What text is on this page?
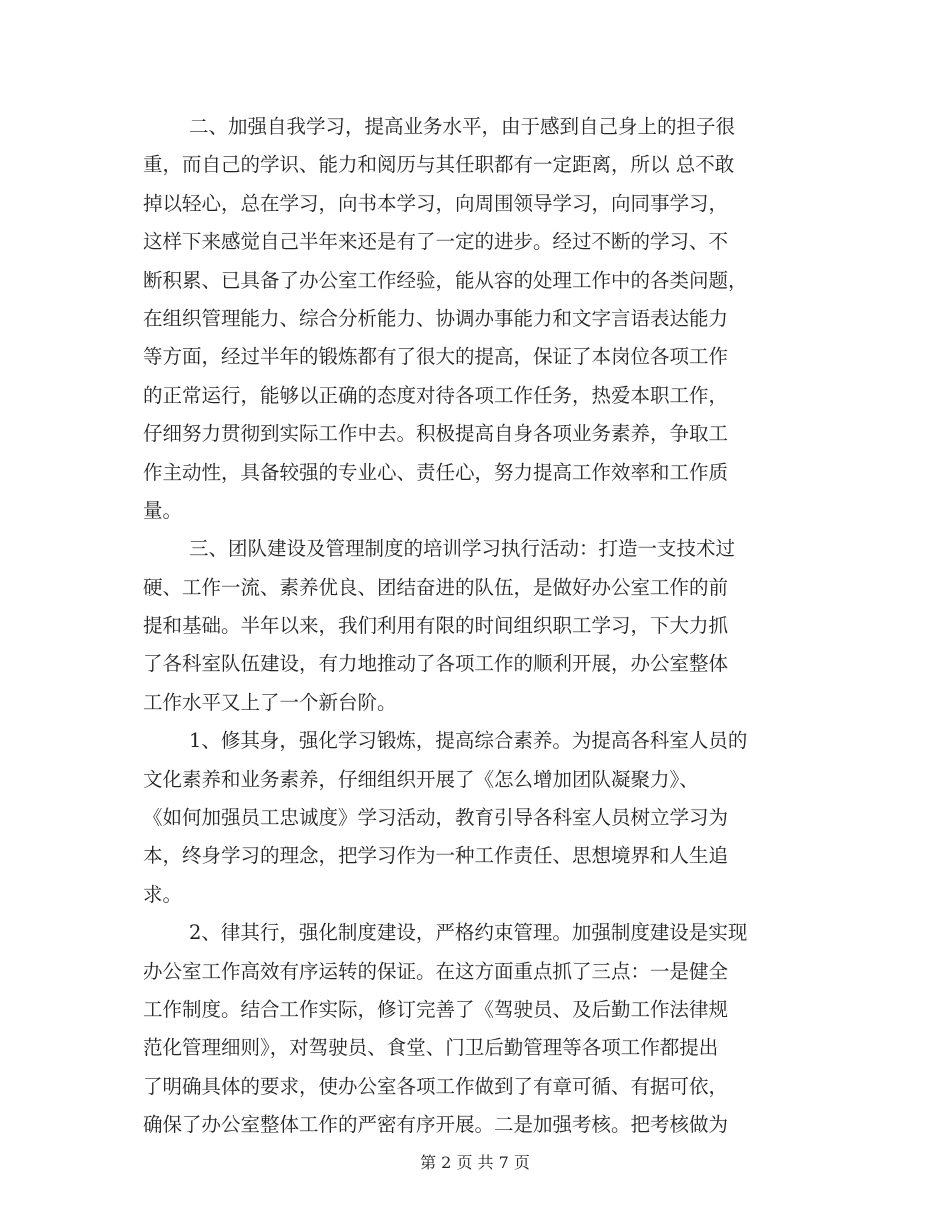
二、加强自我学习，提高业务水平，由于感到自己身上的担子很
重，而自己的学识、能力和阅历与其任职都有一定距离，所以 总不敢
掉以轻心，总在学习，向书本学习，向周围领导学习，向同事学习，
这样下来感觉自己半年来还是有了一定的进步。经过不断的学习、不
断积累、已具备了办公室工作经验，能从容的处理工作中的各类问题，
在组织管理能力、综合分析能力、协调办事能力和文字言语表达能力
等方面，经过半年的锻炼都有了很大的提高，保证了本岗位各项工作
的正常运行，能够以正确的态度对待各项工作任务，热爱本职工作，
仔细努力贯彻到实际工作中去。积极提高自身各项业务素养，争取工
作主动性，具备较强的专业心、责任心，努力提高工作效率和工作质
量。
三、团队建设及管理制度的培训学习执行活动：打造一支技术过
硬、工作一流、素养优良、团结奋进的队伍，是做好办公室工作的前
提和基础。半年以来，我们利用有限的时间组织职工学习，下大力抓
了各科室队伍建设，有力地推动了各项工作的顺利开展，办公室整体
工作水平又上了一个新台阶。
1、修其身，强化学习锻炼，提高综合素养。为提高各科室人员的
文化素养和业务素养，仔细组织开展了《怎么增加团队凝聚力》、
《如何加强员工忠诚度》学习活动，教育引导各科室人员树立学习为
本，终身学习的理念，把学习作为一种工作责任、思想境界和人生追
求。
2、律其行，强化制度建设，严格约束管理。加强制度建设是实现
办公室工作高效有序运转的保证。在这方面重点抓了三点：一是健全
工作制度。结合工作实际，修订完善了《驾驶员、及后勤工作法律规
范化管理细则》，对驾驶员、食堂、门卫后勤管理等各项工作都提出
了明确具体的要求，使办公室各项工作做到了有章可循、有据可依，
确保了办公室整体工作的严密有序开展。二是加强考核。把考核做为
第 2 页 共 7 页
